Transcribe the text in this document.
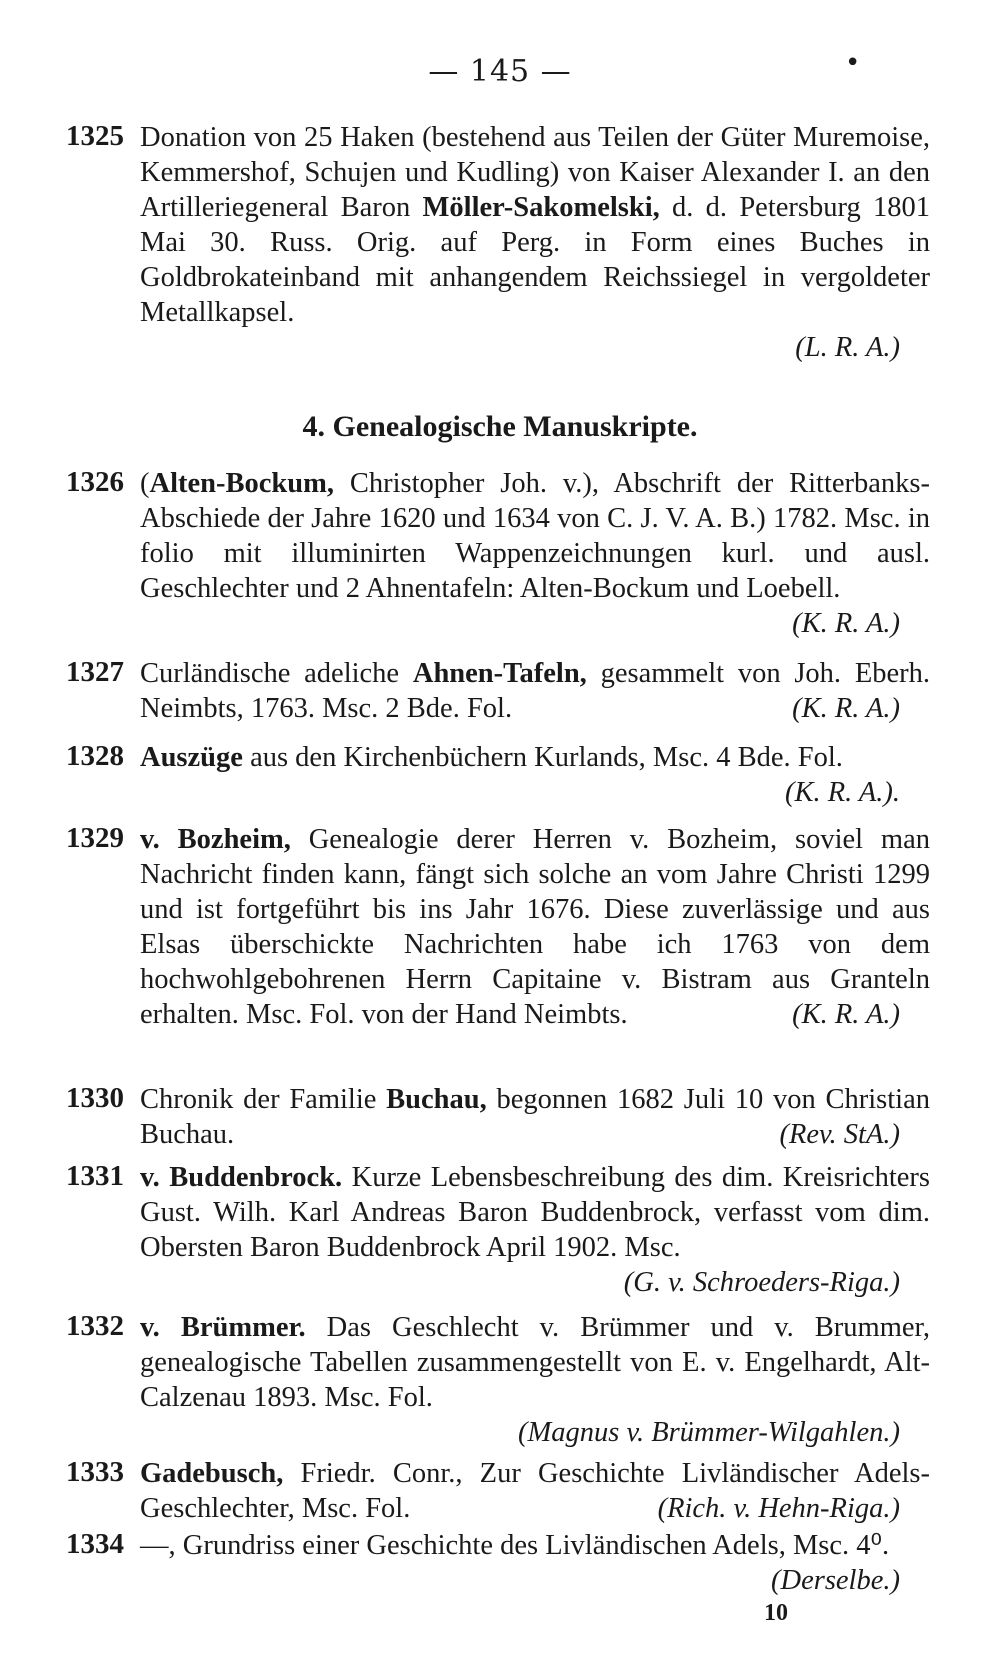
— 145 —	•
1325 Donation von 25 Haken (bestehend aus Teilen der Güter Muremoise, Kemmershof, Schujen und Kudling) von Kaiser Alexander I. an den Artilleriegeneral Baron Möller-Sakomelski, d. d. Petersburg 1801 Mai 30. Russ. Orig. auf Perg. in Form eines Buches in Goldbrokateinband mit anhangendem Reichssiegel in vergoldeter Metallkapsel.
(L. R. A.)
4. Genealogische Manuskripte.
1326 (Alten-Bockum, Christopher Joh. v.), Abschrift der Ritterbanks-Abschiede der Jahre 1620 und 1634 von C. J. V. A. B.) 1782. Msc. in folio mit illuminirten Wappenzeichnungen kurl. und ausl. Geschlechter und 2 Ahnentafeln: Alten-Bockum und Loebell.
(K. R. A.)
1327 Curländische adeliche Ahnen-Tafeln, gesammelt von Joh. Eberh. Neimbts, 1763. Msc. 2 Bde. Fol.	(K. R. A.)
1328 Auszüge aus den Kirchenbüchern Kurlands, Msc. 4 Bde. Fol.
(K. R. A.).
1329 v. Bozheim, Genealogie derer Herren v. Bozheim, soviel man Nachricht finden kann, fängt sich solche an vom Jahre Christi 1299 und ist fortgeführt bis ins Jahr 1676. Diese zuverlässige und aus Elsas überschickte Nachrichten habe ich 1763 von dem hochwohlgebohrenen Herrn Capitaine v. Bistram aus Granteln erhalten. Msc. Fol. von der Hand Neimbts.	(K. R. A.)
1330 Chronik der Familie Buchau, begonnen 1682 Juli 10 von Christian Buchau.	(Rev. StA.)
1331 v. Buddenbrock. Kurze Lebensbeschreibung des dim. Kreisrichters Gust. Wilh. Karl Andreas Baron Buddenbrock, verfasst vom dim. Obersten Baron Buddenbrock April 1902. Msc.
(G. v. Schroeders-Riga.)
1332 v. Brümmer. Das Geschlecht v. Brümmer und v. Brummer, genealogische Tabellen zusammengestellt von E. v. Engelhardt, Alt-Calzenau 1893. Msc. Fol.
(Magnus v. Brümmer-Wilgahlen.)
1333 Gadebusch, Friedr. Conr., Zur Geschichte Livländischer Adels-Geschlechter, Msc. Fol.	(Rich. v. Hehn-Riga.)
1334 —, Grundriss einer Geschichte des Livländischen Adels, Msc. 4⁰.
(Derselbe.)
10
